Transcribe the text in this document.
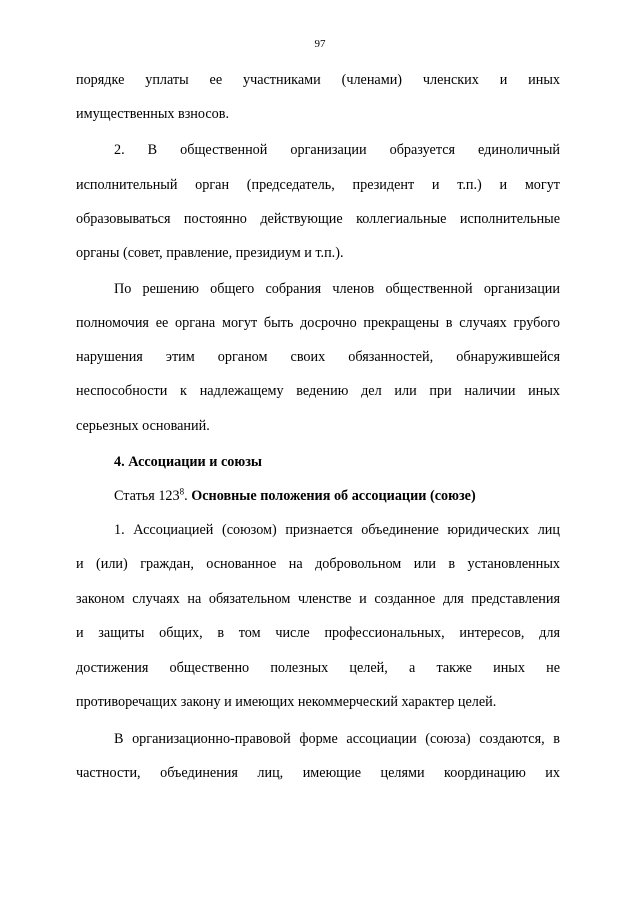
97
порядке уплаты ее участниками (членами) членских и иных
имущественных взносов.
2. В общественной организации образуется единоличный
исполнительный орган (председатель, президент и т.п.) и могут
образовываться постоянно действующие коллегиальные исполнительные
органы (совет, правление, президиум и т.п.).
По решению общего собрания членов общественной организации
полномочия ее органа могут быть досрочно прекращены в случаях грубого
нарушения этим органом своих обязанностей, обнаружившейся
неспособности к надлежащему ведению дел или при наличии иных
серьезных оснований.
4. Ассоциации и союзы
Статья $123^8$. Основные положения об ассоциации (союзе)
1. Ассоциацией (союзом) признается объединение юридических лиц
и (или) граждан, основанное на добровольном или в установленных
законом случаях на обязательном членстве и созданное для представления
и защиты общих, в том числе профессиональных, интересов, для
достижения общественно полезных целей, а также иных не
противоречащих закону и имеющих некоммерческий характер целей.
В организационно-правовой форме ассоциации (союза) создаются, в
частности, объединения лиц, имеющие целями координацию их
